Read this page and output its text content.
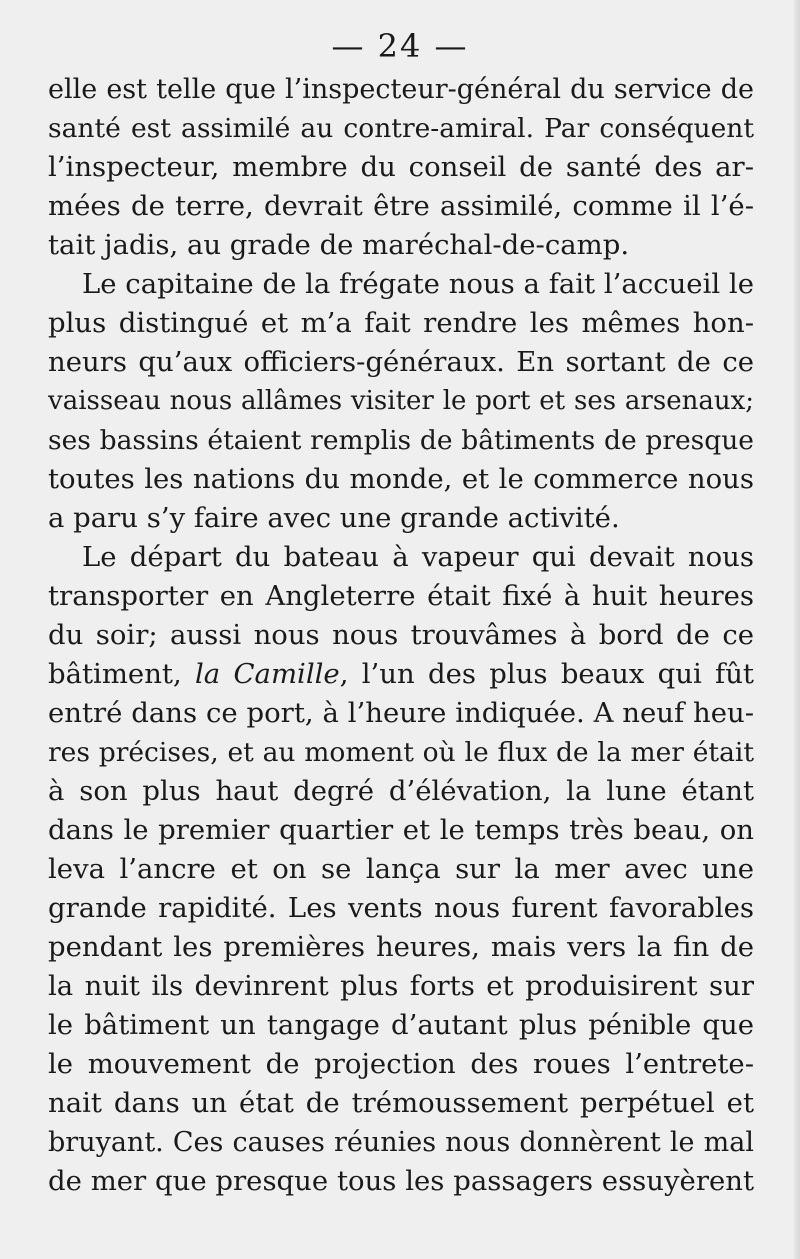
— 24 —
elle est telle que l’inspecteur-général du service de
santé est assimilé au contre-amiral. Par conséquent
l’inspecteur, membre du conseil de santé des ar-
mées de terre, devrait être assimilé, comme il l’é-
tait jadis, au grade de maréchal-de-camp.
Le capitaine de la frégate nous a fait l’accueil le
plus distingué et m’a fait rendre les mêmes hon-
neurs qu’aux officiers-généraux. En sortant de ce
vaisseau nous allâmes visiter le port et ses arsenaux;
ses bassins étaient remplis de bâtiments de presque
toutes les nations du monde, et le commerce nous
a paru s’y faire avec une grande activité.
Le départ du bateau à vapeur qui devait nous
transporter en Angleterre était fixé à huit heures
du soir; aussi nous nous trouvâmes à bord de ce
bâtiment, la Camille, l’un des plus beaux qui fût
entré dans ce port, à l’heure indiquée. A neuf heu-
res précises, et au moment où le flux de la mer était
à son plus haut degré d’élévation, la lune étant
dans le premier quartier et le temps très beau, on
leva l’ancre et on se lança sur la mer avec une
grande rapidité. Les vents nous furent favorables
pendant les premières heures, mais vers la fin de
la nuit ils devinrent plus forts et produisirent sur
le bâtiment un tangage d’autant plus pénible que
le mouvement de projection des roues l’entrete-
nait dans un état de trémoussement perpétuel et
bruyant. Ces causes réunies nous donnèrent le mal
de mer que presque tous les passagers essuyèrent
